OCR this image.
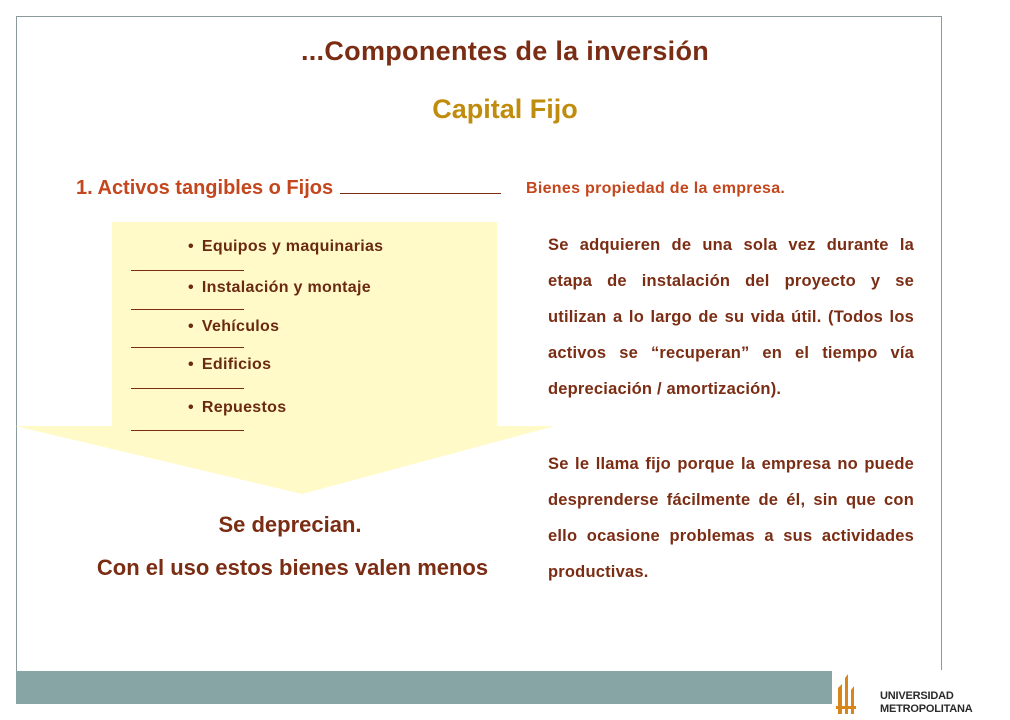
...Componentes de la inversión
Capital Fijo
1. Activos tangibles o Fijos	Bienes propiedad de la empresa.
• Equipos y maquinarias
• Instalación y montaje
• Vehículos
• Edificios
• Repuestos
Se adquieren de una sola vez durante la etapa de instalación del proyecto y se utilizan a lo largo de su vida útil. (Todos los activos se “recuperan” en el tiempo vía depreciación / amortización).
Se le llama fijo porque la empresa no puede desprenderse fácilmente de él, sin que con ello ocasione problemas a sus actividades productivas.
Se deprecian.
Con el uso estos bienes valen menos
UNIVERSIDAD
METROPOLITANA
